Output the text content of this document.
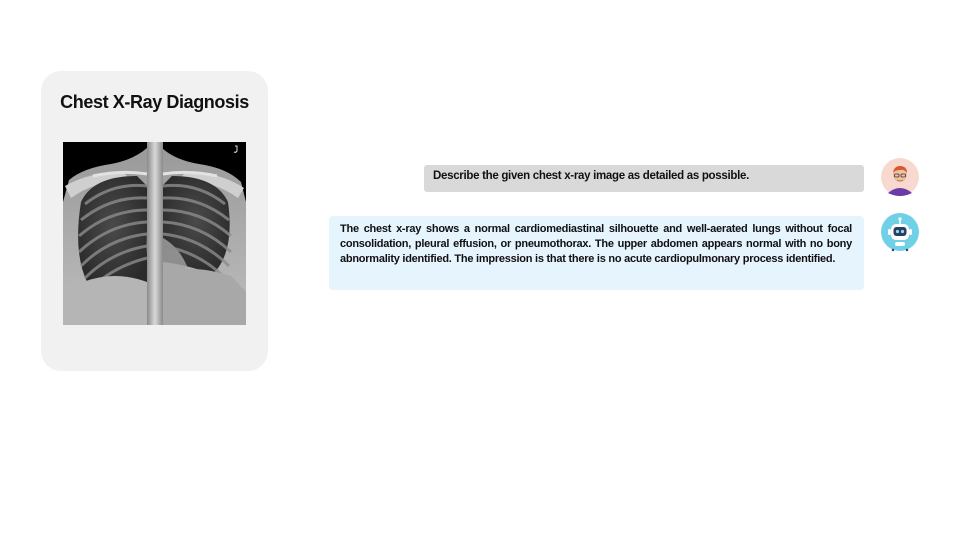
Chest X-Ray Diagnosis
Describe the given chest x-ray image as detailed as possible.
The chest x-ray shows a normal cardiomediastinal silhouette and well-aerated lungs without focal consolidation, pleural effusion, or pneumothorax. The upper abdomen appears normal with no bony abnormality identified. The impression is that there is no acute cardiopulmonary process identified.
